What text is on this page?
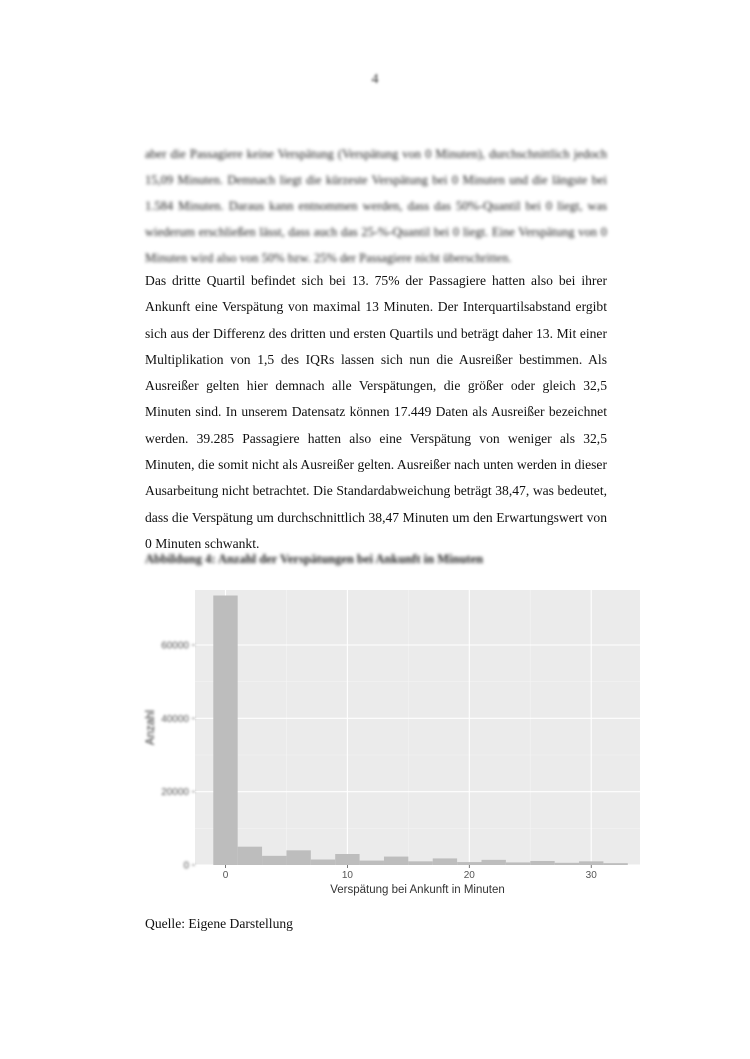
4
aber die Passagiere keine Verspätung (Verspätung von 0 Minuten), durchschnittlich jedoch 15,09 Minuten. Demnach liegt die kürzeste Verspätung bei 0 Minuten und die längste bei 1.584 Minuten. Daraus kann entnommen werden, dass das 50%-Quantil bei 0 liegt, was wiederum erschließen lässt, dass auch das 25-%-Quantil bei 0 liegt. Eine Verspätung von 0 Minuten wird also von 50% bzw. 25% der Passagiere nicht überschritten.
Das dritte Quartil befindet sich bei 13. 75% der Passagiere hatten also bei ihrer Ankunft eine Verspätung von maximal 13 Minuten. Der Interquartilsabstand ergibt sich aus der Differenz des dritten und ersten Quartils und beträgt daher 13. Mit einer Multiplikation von 1,5 des IQRs lassen sich nun die Ausreißer bestimmen. Als Ausreißer gelten hier demnach alle Verspätungen, die größer oder gleich 32,5 Minuten sind. In unserem Datensatz können 17.449 Daten als Ausreißer bezeichnet werden. 39.285 Passagiere hatten also eine Verspätung von weniger als 32,5 Minuten, die somit nicht als Ausreißer gelten. Ausreißer nach unten werden in dieser Ausarbeitung nicht betrachtet. Die Standardabweichung beträgt 38,47, was bedeutet, dass die Verspätung um durchschnittlich 38,47 Minuten um den Erwartungswert von 0 Minuten schwankt.
Abbildung 4: Anzahl der Verspätungen bei Ankunft in Minuten
0	10	20	30
0
20000
40000
60000
Verspätung bei Ankunft in Minuten
Anzahl
Quelle: Eigene Darstellung
